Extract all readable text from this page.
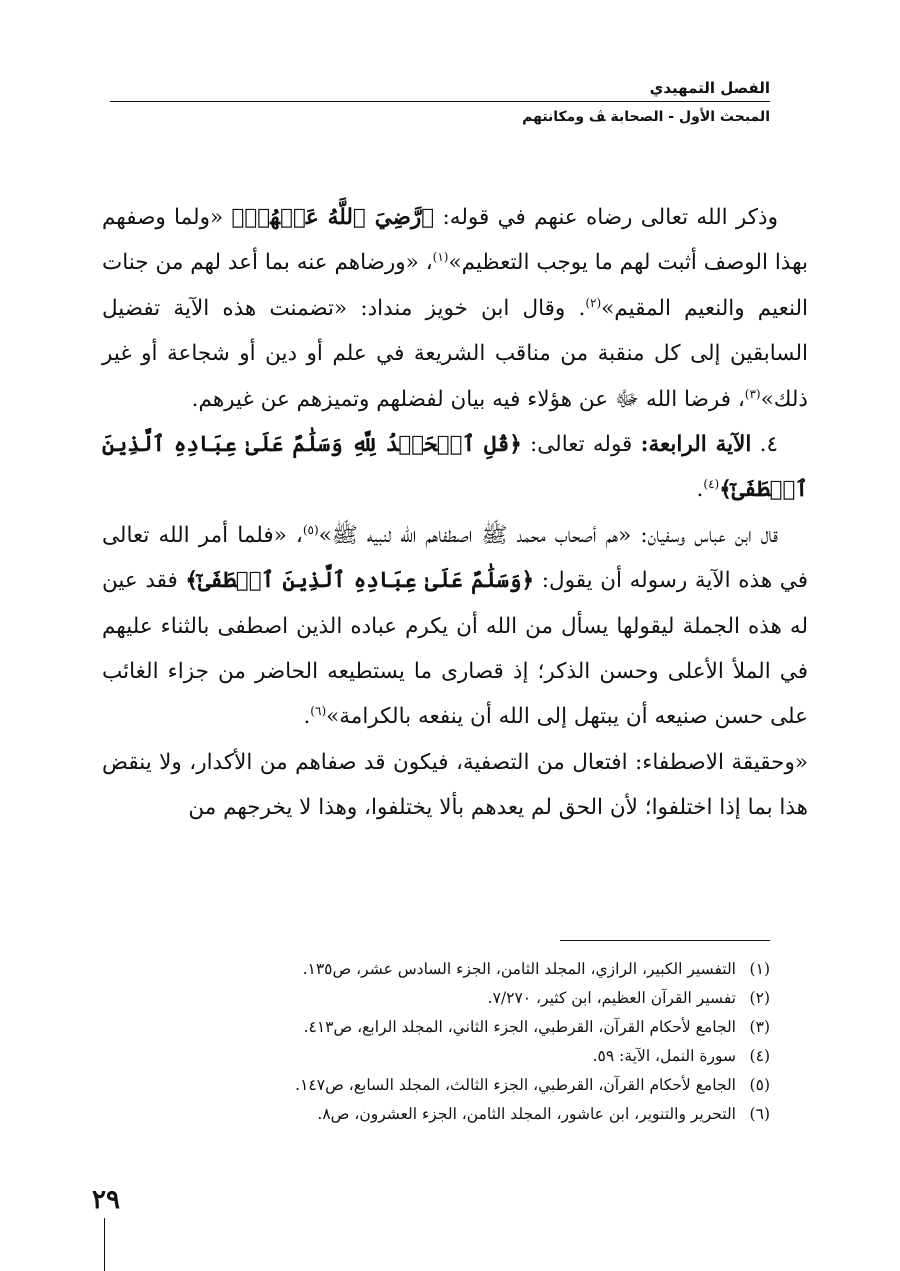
الفصل التمهيدي

المبحث الأول - الصحابة ﭫ ومكانتهم

وذكر الله تعالى رضاه عنهم في قوله: ﴿رَّضِيَ ٱللَّهُ عَنۡهُمۡ﴾ «ولما وصفهم بهذا الوصف أثبت لهم ما يوجب التعظيم»$^{(١)}$، «ورضاهم عنه بما أعد لهم من جنات النعيم والنعيم المقيم»$^{(٢)}$. وقال ابن خويز منداد: «تضمنت هذه الآية تفضيل السابقين إلى كل منقبة من مناقب الشريعة في علم أو دين أو شجاعة أو غير ذلك»$^{(٣)}$، فرضا الله ﷻ عن هؤلاء فيه بيان لفضلهم وتميزهم عن غيرهم.

٤. الآية الرابعة: قوله تعالى: ﴿قُلِ ٱلۡحَمۡدُ لِلَّهِ وَسَلَٰمٌ عَلَىٰ عِبَادِهِ ٱلَّذِينَ ٱصۡطَفَىٰٓ﴾$^{(٤)}$.

قال ابن عباس وسفيان: «هم أصحاب محمد ﷺ اصطفاهم الله لنبيه ﷺ»$^{(٥)}$، «فلما أمر الله تعالى في هذه الآية رسوله أن يقول: ﴿وَسَلَٰمٌ عَلَىٰ عِبَادِهِ ٱلَّذِينَ ٱصۡطَفَىٰٓ﴾ فقد عين له هذه الجملة ليقولها يسأل من الله أن يكرم عباده الذين اصطفى بالثناء عليهم في الملأ الأعلى وحسن الذكر؛ إذ قصارى ما يستطيعه الحاضر من جزاء الغائب على حسن صنيعه أن يبتهل إلى الله أن ينفعه بالكرامة»$^{(٦)}$.

«وحقيقة الاصطفاء: افتعال من التصفية، فيكون قد صفاهم من الأكدار، ولا ينقض هذا بما إذا اختلفوا؛ لأن الحق لم يعدهم بألا يختلفوا، وهذا لا يخرجهم من

(١)التفسير الكبير، الرازي، المجلد الثامن، الجزء السادس عشر، ص١٣٥.

(٢)تفسير القرآن العظيم، ابن كثير، ٧/٢٧٠.

(٣)الجامع لأحكام القرآن، القرطبي، الجزء الثاني، المجلد الرابع، ص٤١٣.

(٤)سورة النمل، الآية: ٥٩.

(٥)الجامع لأحكام القرآن، القرطبي، الجزء الثالث، المجلد السابع، ص١٤٧.

(٦)التحرير والتنوير، ابن عاشور، المجلد الثامن، الجزء العشرون، ص٨.

٢٩
